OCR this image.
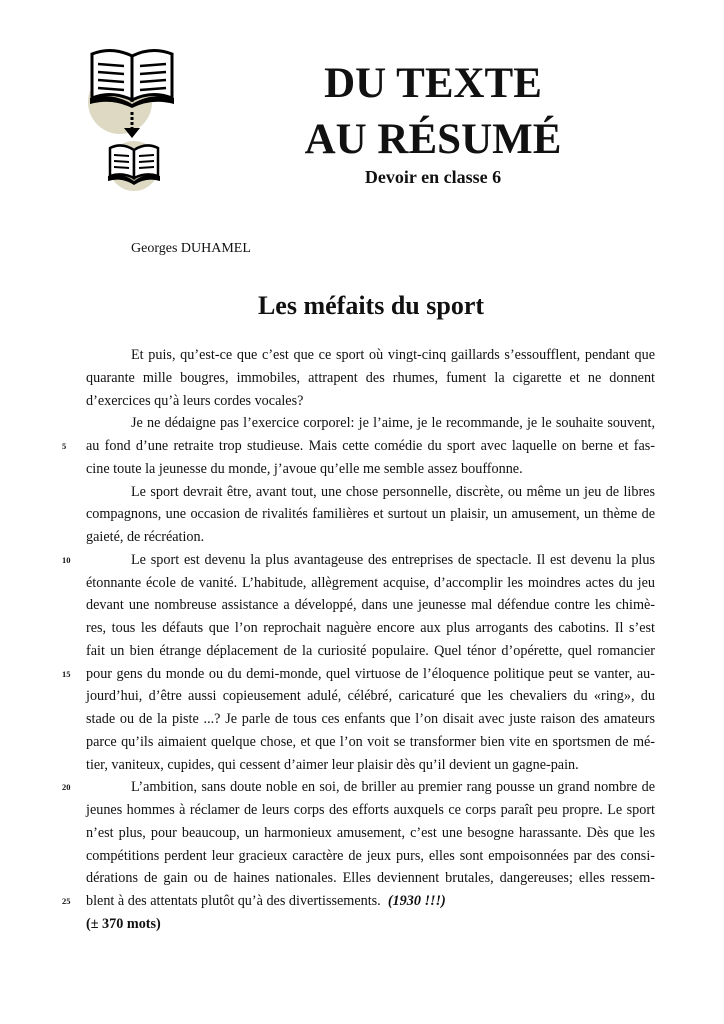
DU TEXTE
AU RÉSUMÉ
Devoir en classe 6
Georges DUHAMEL
Les méfaits du sport
Et puis, qu’est-ce que c’est que ce sport où vingt-cinq gaillards s’essoufflent, pendant que
quarante mille bougres, immobiles, attrapent des rhumes, fument la cigarette et ne donnent
d’exercices qu’à leurs cordes vocales?
Je ne dédaigne pas l’exercice corporel: je l’aime, je le recommande, je le souhaite souvent,
5 au fond d’une retraite trop studieuse. Mais cette comédie du sport avec laquelle on berne et fas-
cine toute la jeunesse du monde, j’avoue qu’elle me semble assez bouffonne.
Le sport devrait être, avant tout, une chose personnelle, discrète, ou même un jeu de libres
compagnons, une occasion de rivalités familières et surtout un plaisir, un amusement, un thème de
gaieté, de récréation.
10	Le sport est devenu la plus avantageuse des entreprises de spectacle. Il est devenu la plus
étonnante école de vanité. L’habitude, allègrement acquise, d’accomplir les moindres actes du jeu
devant une nombreuse assistance a développé, dans une jeunesse mal défendue contre les chimè-
res, tous les défauts que l’on reprochait naguère encore aux plus arrogants des cabotins. Il s’est
fait un bien étrange déplacement de la curiosité populaire. Quel ténor d’opérette, quel romancier
15 pour gens du monde ou du demi-monde, quel virtuose de l’éloquence politique peut se vanter, au-
jourd’hui, d’être aussi copieusement adulé, célébré, caricaturé que les chevaliers du «ring», du
stade ou de la piste ...? Je parle de tous ces enfants que l’on disait avec juste raison des amateurs
parce qu’ils aimaient quelque chose, et que l’on voit se transformer bien vite en sportsmen de mé-
tier, vaniteux, cupides, qui cessent d’aimer leur plaisir dès qu’il devient un gagne-pain.
20	L’ambition, sans doute noble en soi, de briller au premier rang pousse un grand nombre de
jeunes hommes à réclamer de leurs corps des efforts auxquels ce corps paraît peu propre. Le sport
n’est plus, pour beaucoup, un harmonieux amusement, c’est une besogne harassante. Dès que les
compétitions perdent leur gracieux caractère de jeux purs, elles sont empoisonnées par des consi-
dérations de gain ou de haines nationales. Elles deviennent brutales, dangereuses; elles ressem-
25 blent à des attentats plutôt qu’à des divertissements.  (1930 !!!)
(± 370 mots)
